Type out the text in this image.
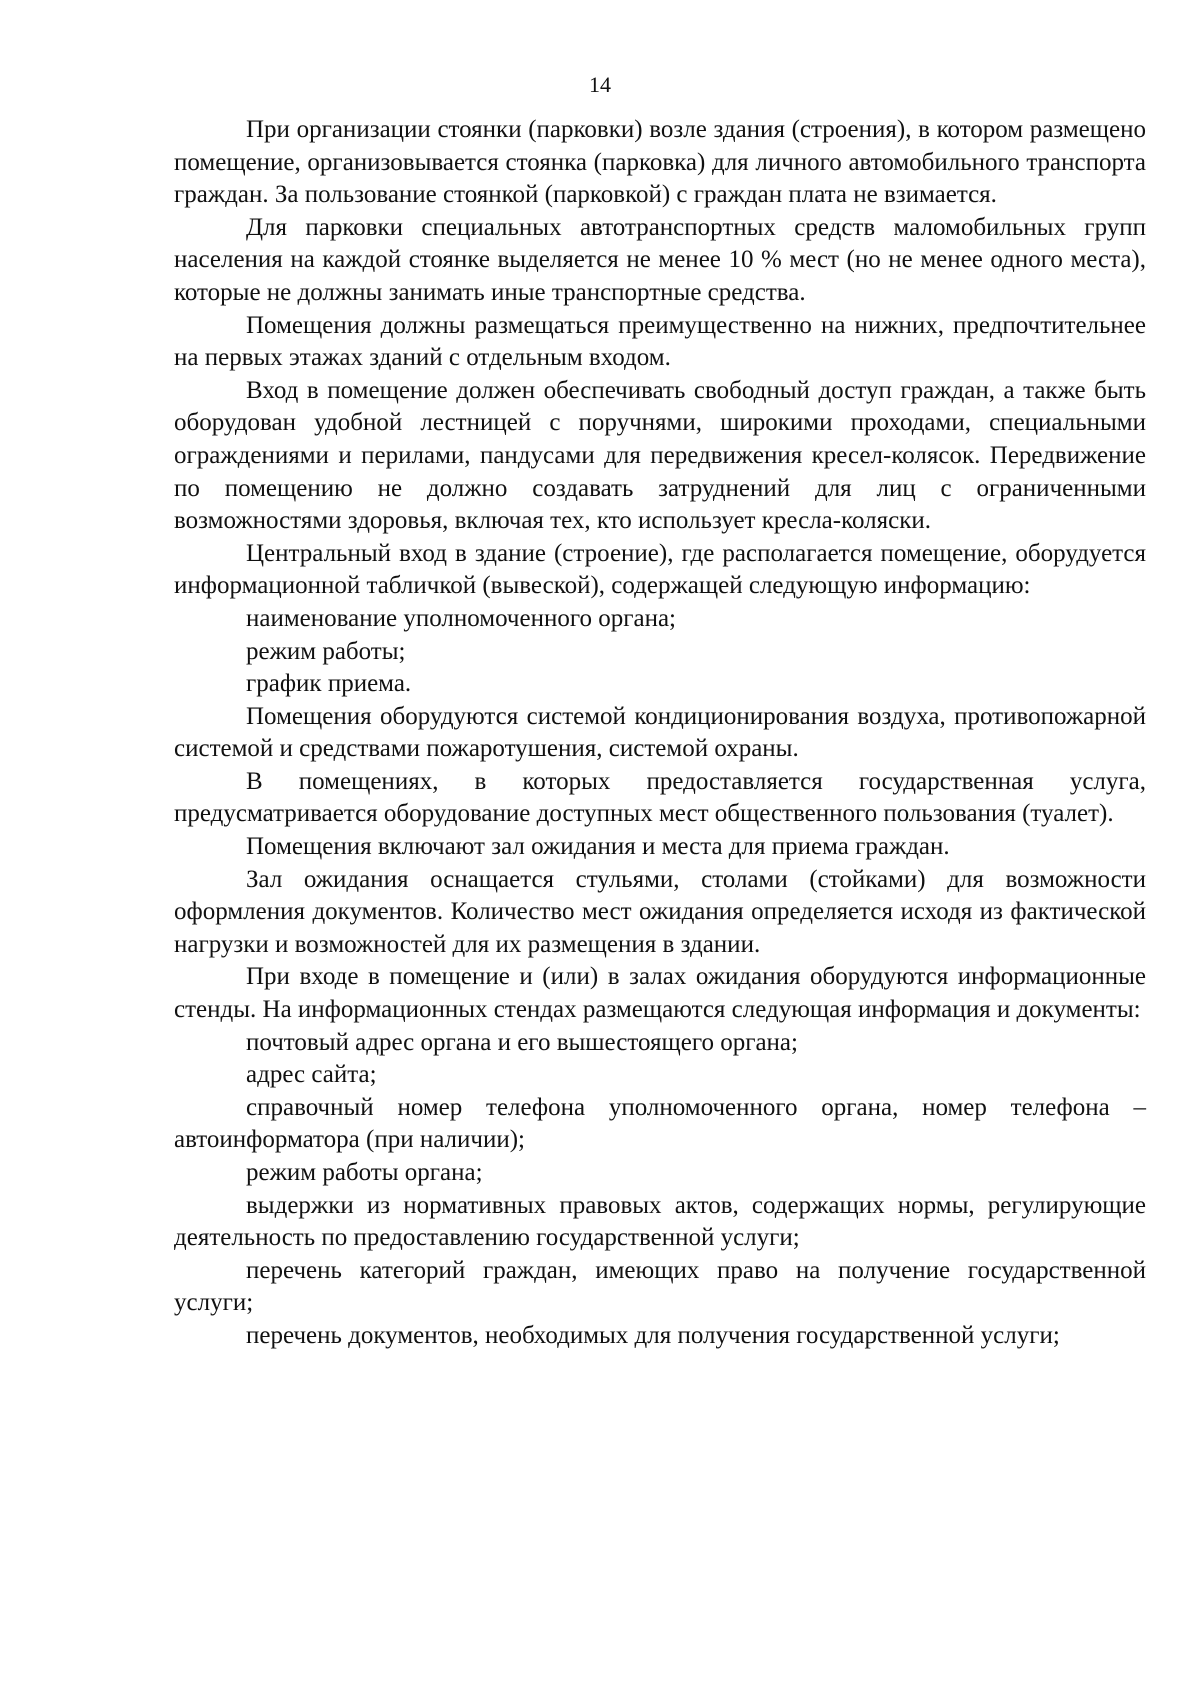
14

При организации стоянки (парковки) возле здания (строения), в котором размещено помещение, организовывается стоянка (парковка) для личного автомобильного транспорта граждан. За пользование стоянкой (парковкой) с граждан плата не взимается.

Для парковки специальных автотранспортных средств маломобильных групп населения на каждой стоянке выделяется не менее 10 % мест (но не менее одного места), которые не должны занимать иные транспортные средства.

Помещения должны размещаться преимущественно на нижних, предпочтительнее на первых этажах зданий с отдельным входом.

Вход в помещение должен обеспечивать свободный доступ граждан, а также быть оборудован удобной лестницей с поручнями, широкими проходами, специальными ограждениями и перилами, пандусами для передвижения кресел-колясок. Передвижение по помещению не должно создавать затруднений для лиц с ограниченными возможностями здоровья, включая тех, кто использует кресла-коляски.

Центральный вход в здание (строение), где располагается помещение, оборудуется информационной табличкой (вывеской), содержащей следующую информацию:

наименование уполномоченного органа;

режим работы;

график приема.

Помещения оборудуются системой кондиционирования воздуха, противопожарной системой и средствами пожаротушения, системой охраны.

В помещениях, в которых предоставляется государственная услуга, предусматривается оборудование доступных мест общественного пользования (туалет).

Помещения включают зал ожидания и места для приема граждан.

Зал ожидания оснащается стульями, столами (стойками) для возможности оформления документов. Количество мест ожидания определяется исходя из фактической нагрузки и возможностей для их размещения в здании.

При входе в помещение и (или) в залах ожидания оборудуются информационные стенды. На информационных стендах размещаются следующая информация и документы:

почтовый адрес органа и его вышестоящего органа;

адрес сайта;

справочный номер телефона уполномоченного органа, номер телефона – автоинформатора (при наличии);

режим работы органа;

выдержки из нормативных правовых актов, содержащих нормы, регулирующие деятельность по предоставлению государственной услуги;

перечень категорий граждан, имеющих право на получение государственной услуги;

перечень документов, необходимых для получения государственной услуги;
